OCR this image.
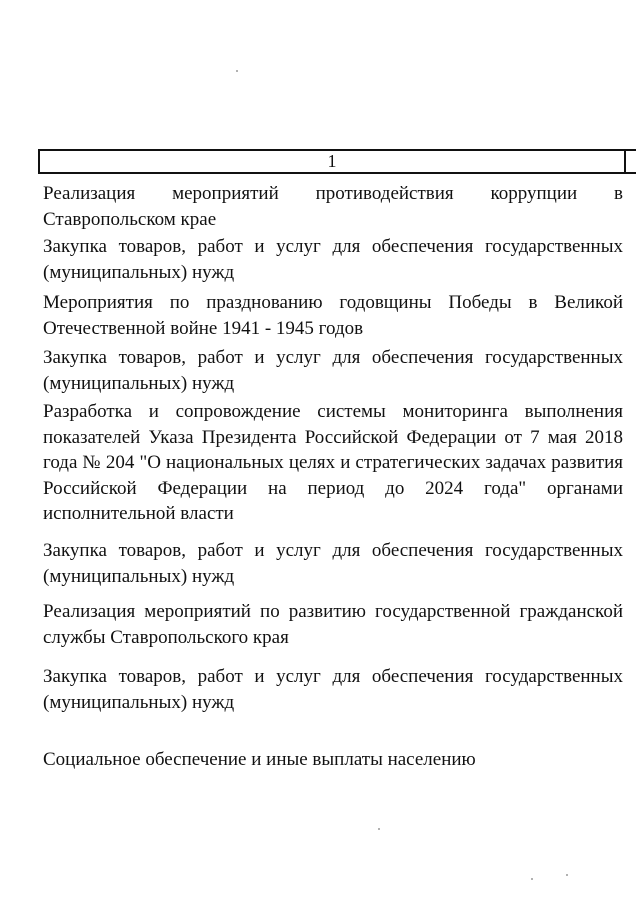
1

Реализация мероприятий противодействия коррупции в Ставропольском крае

Закупка товаров, работ и услуг для обеспечения государственных (муниципальных) нужд

Мероприятия по празднованию годовщины Победы в Великой Отечественной войне 1941 - 1945 годов

Закупка товаров, работ и услуг для обеспечения государственных (муниципальных) нужд

Разработка и сопровождение системы мониторинга выполнения показателей Указа Президента Российской Федерации от 7 мая 2018 года № 204 "О национальных целях и стратегических задачах развития Российской Федерации на период до 2024 года" органами исполнительной власти

Закупка товаров, работ и услуг для обеспечения государственных (муниципальных) нужд

Реализация мероприятий по развитию государственной гражданской службы Ставропольского края

Закупка товаров, работ и услуг для обеспечения государственных (муниципальных) нужд

Социальное обеспечение и иные выплаты населению
